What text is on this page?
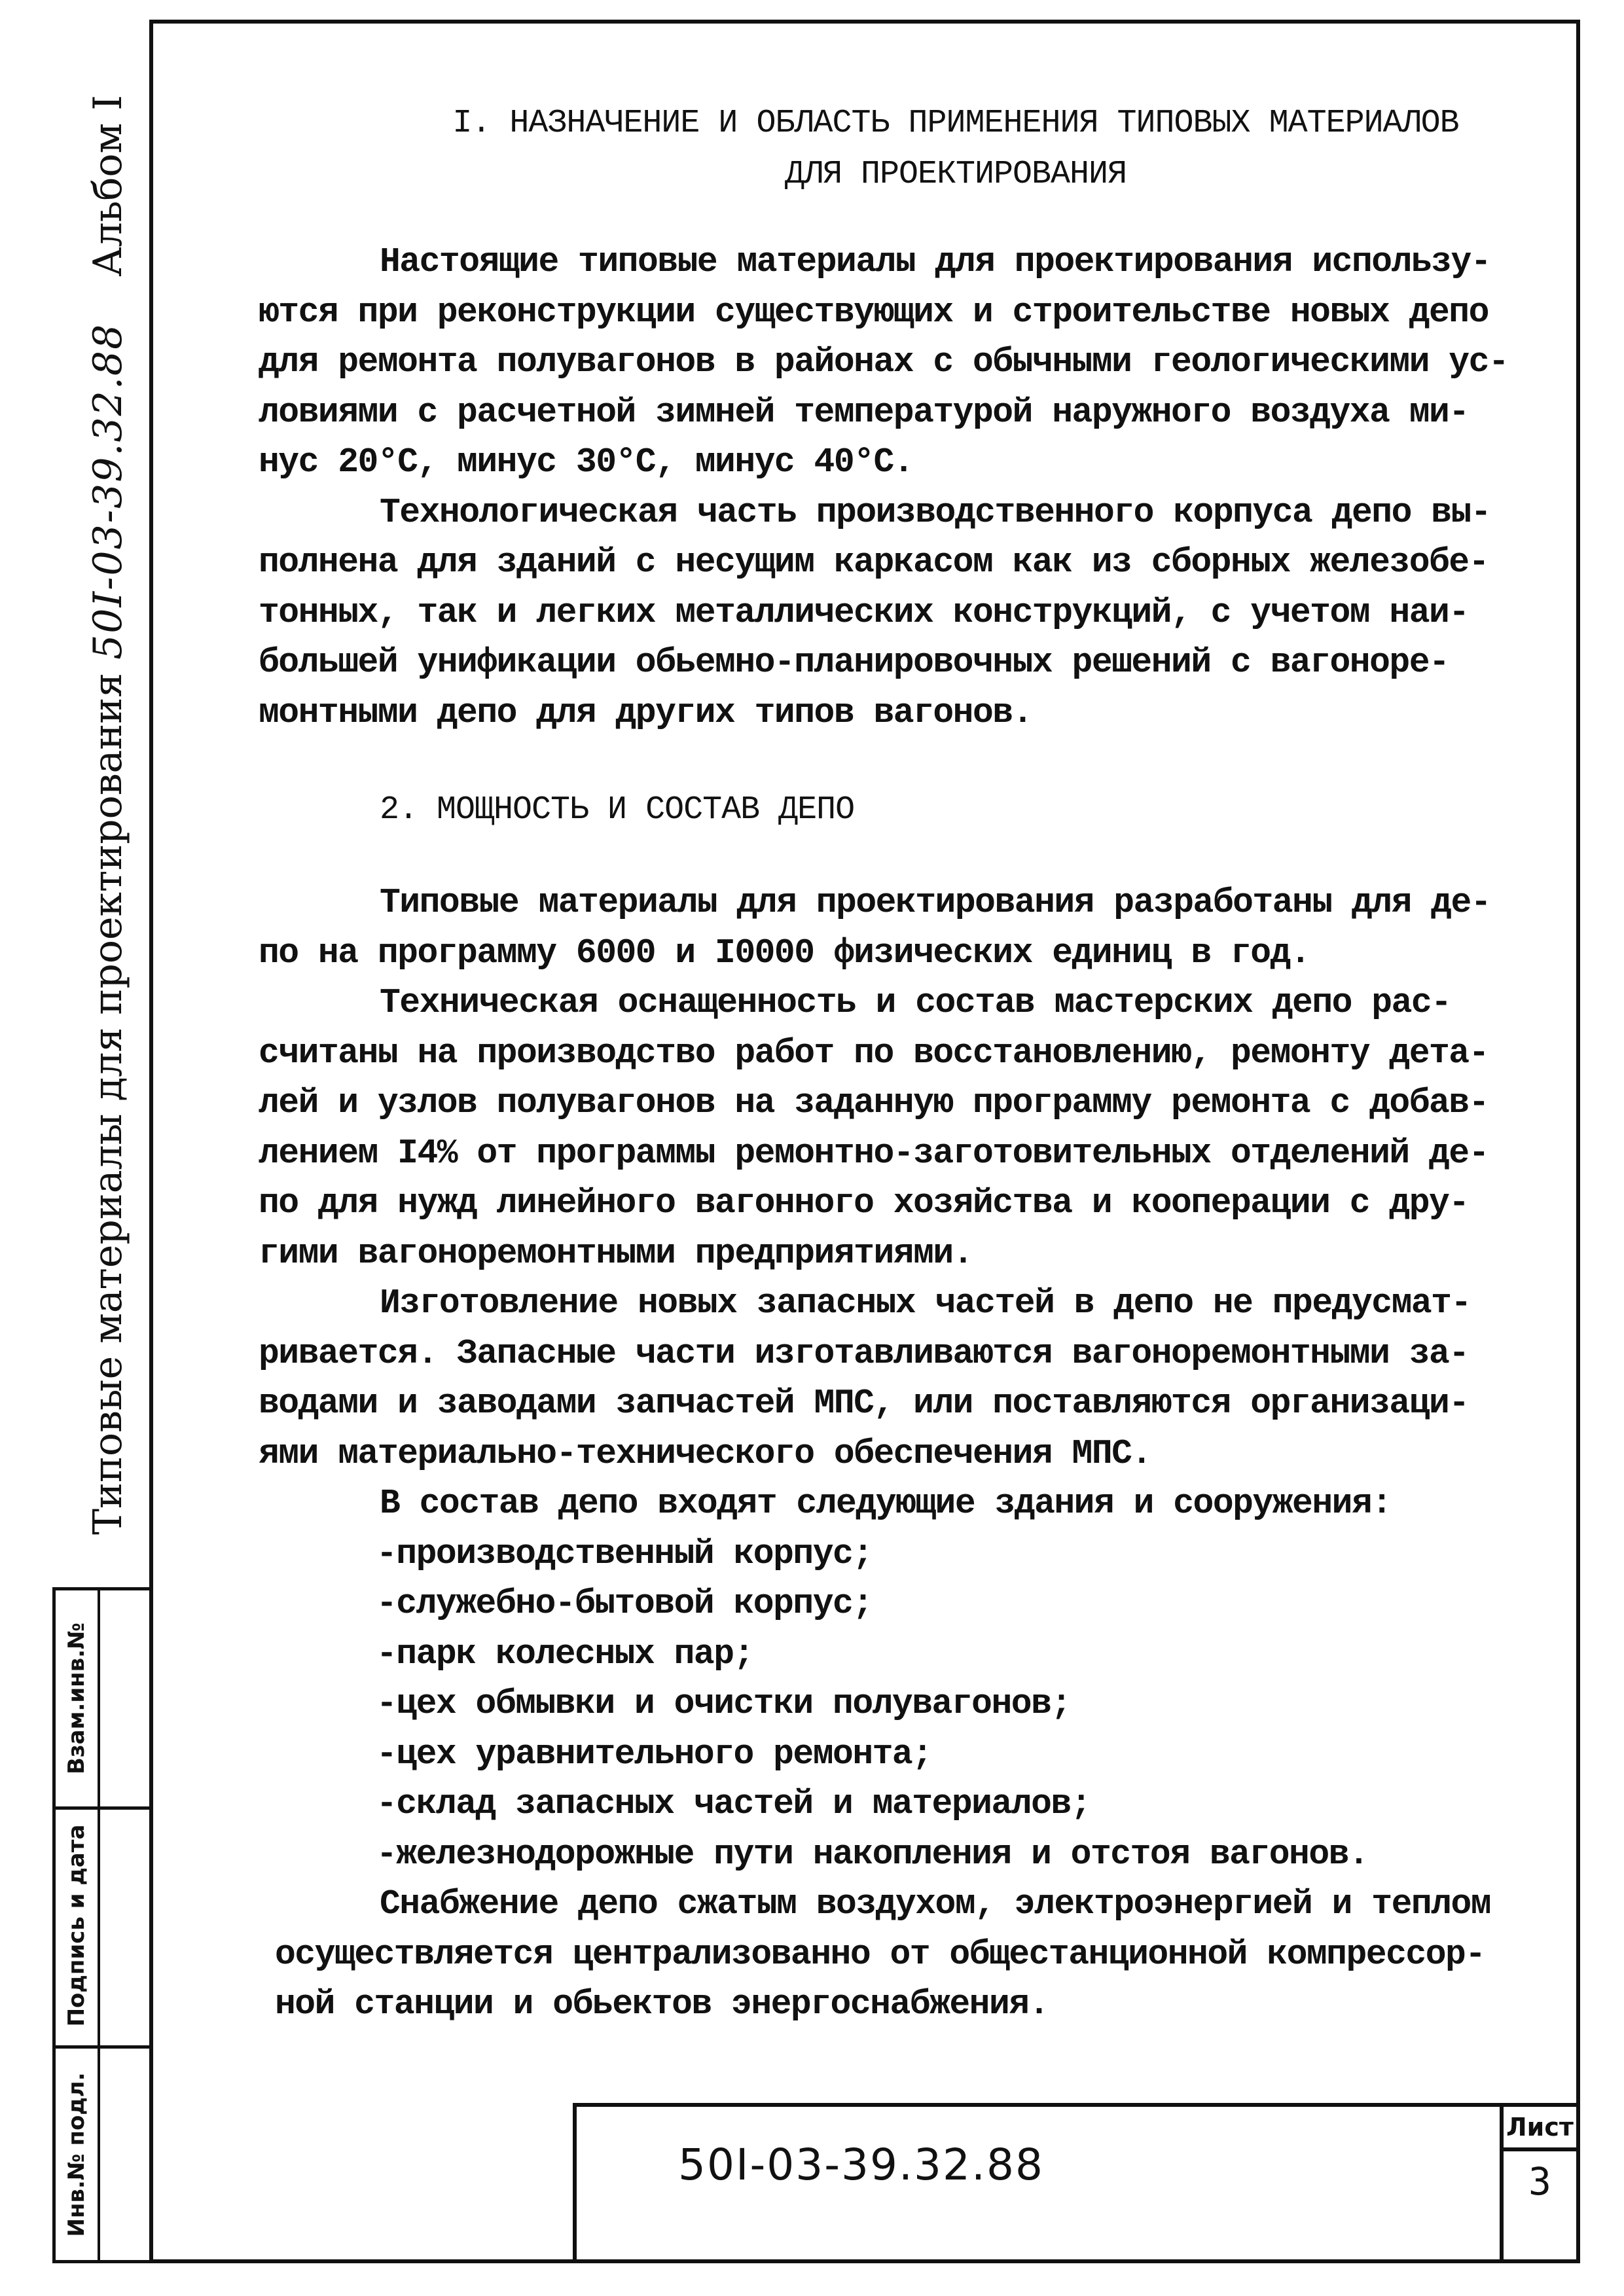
Типовые материалы для проектирования
50I-03-39.32.88
Альбом I
Взам.инв.№
Подпись и дата
Инв.№ подл.
I. НАЗНАЧЕНИЕ И ОБЛАСТЬ ПРИМЕНЕНИЯ ТИПОВЫХ МАТЕРИАЛОВ
ДЛЯ ПРОЕКТИРОВАНИЯ
Настоящие типовые материалы для проектирования использу-
ются при реконструкции существующих и строительстве новых депо
для ремонта полувагонов в районах с обычными геологическими ус-
ловиями с расчетной зимней температурой наружного воздуха ми-
нус 20°С, минус 30°С, минус 40°С.
Технологическая часть производственного корпуса депо вы-
полнена для зданий с несущим каркасом как из сборных железобе-
тонных, так и легких металлических конструкций, с учетом наи-
большей унификации обьемно-планировочных решений с вагоноре-
монтными депо для других типов вагонов.
2. МОЩНОСТЬ И СОСТАВ ДЕПО
Типовые материалы для проектирования разработаны для де-
по на программу 6000 и I0000 физических единиц в год.
Техническая оснащенность и состав мастерских депо рас-
считаны на производство работ по восстановлению, ремонту дета-
лей и узлов полувагонов на заданную программу ремонта с добав-
лением I4% от программы ремонтно-заготовительных отделений де-
по для нужд линейного вагонного хозяйства и кооперации с дру-
гими вагоноремонтными предприятиями.
Изготовление новых запасных частей в депо не предусмат-
ривается. Запасные части изготавливаются вагоноремонтными за-
водами и заводами запчастей МПС, или поставляются организаци-
ями материально-технического обеспечения МПС.
В состав депо входят следующие здания и сооружения:
-производственный корпус;
-служебно-бытовой корпус;
-парк колесных пар;
-цех обмывки и очистки полувагонов;
-цех уравнительного ремонта;
-склад запасных частей и материалов;
-железнодорожные пути накопления и отстоя вагонов.
Снабжение депо сжатым воздухом, электроэнергией и теплом
осуществляется централизованно от общестанционной компрессор-
ной станции и обьектов энергоснабжения.
50I-03-39.32.88
Лист
3
